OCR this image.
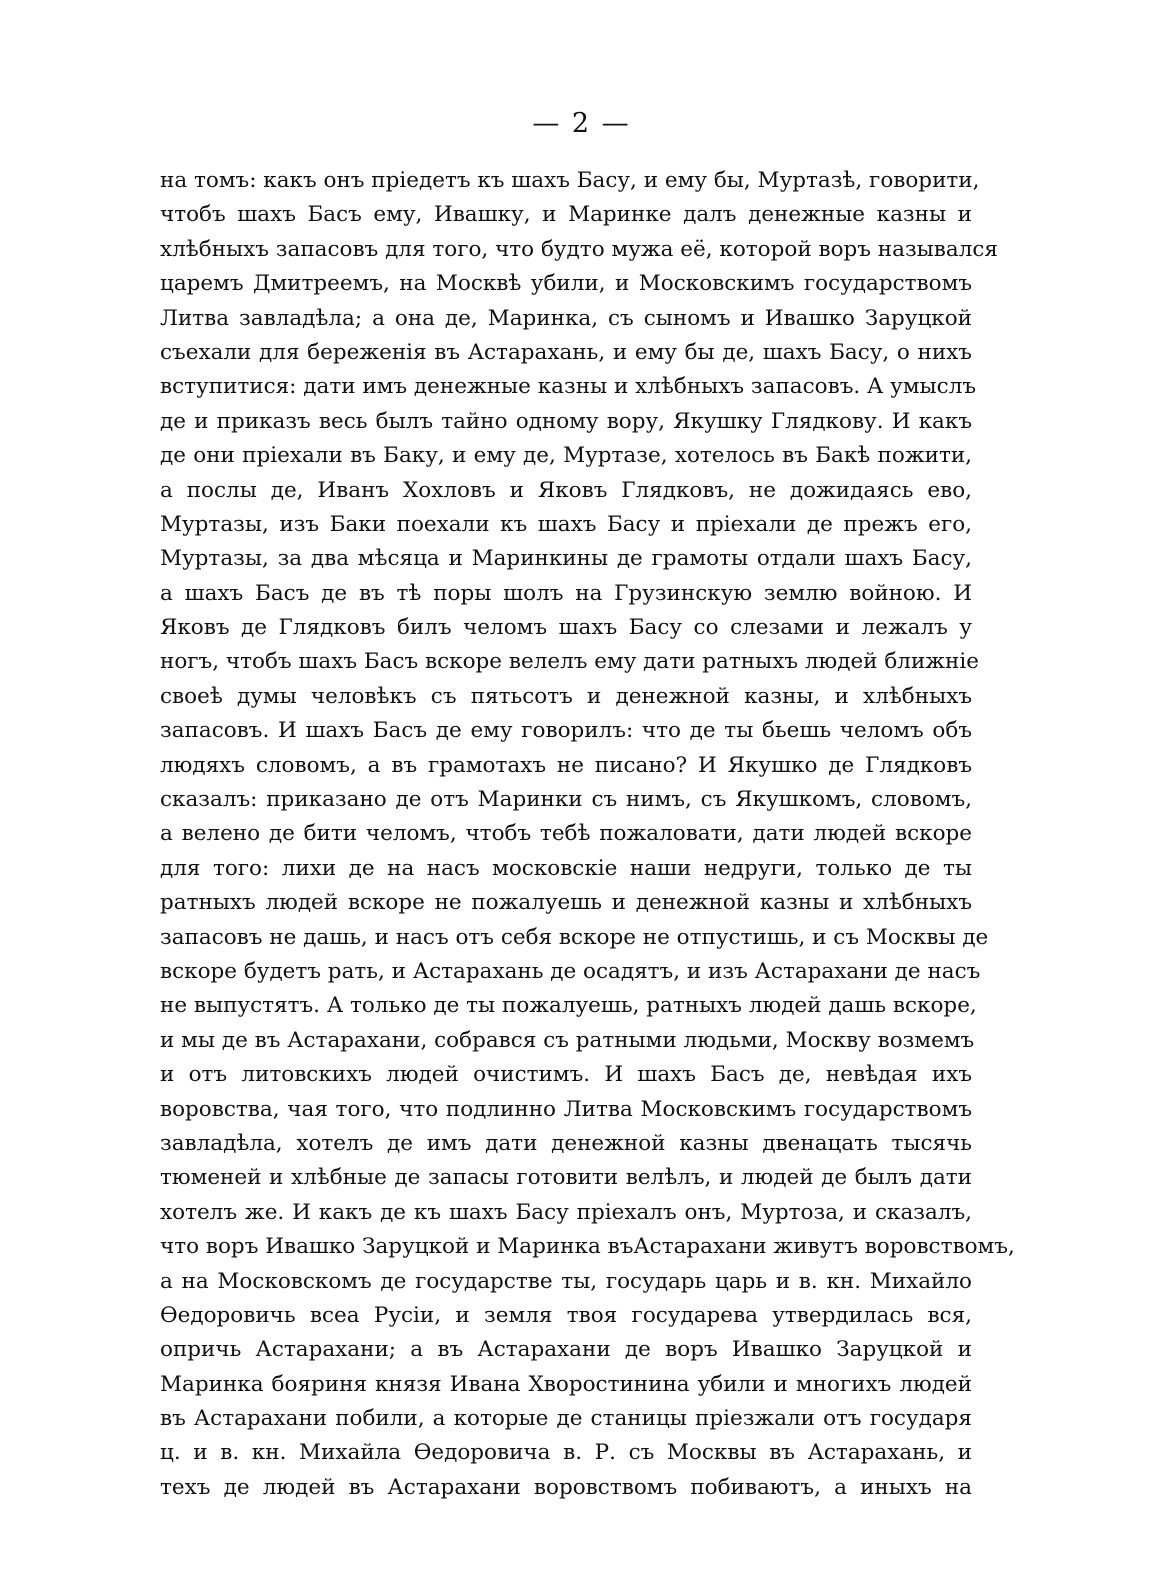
— 2 —
на томъ: какъ онъ пріедетъ къ шахъ Басу, и ему бы, Муртазѣ, говорити,
чтобъ шахъ Басъ ему, Ивашку, и Маринке далъ денежные казны и
хлѣбныхъ запасовъ для того, что будто мужа её, которой воръ назывался
царемъ Дмитреемъ, на Москвѣ убили, и Московскимъ государствомъ
Литва завладѣла; а она де, Маринка, съ сыномъ и Ивашко Заруцкой
съехали для береженія въ Астарахань, и ему бы де, шахъ Басу, о нихъ
вступитися: дати имъ денежные казны и хлѣбныхъ запасовъ. А умыслъ
де и приказъ весь былъ тайно одному вору, Якушку Глядкову. И какъ
де они пріехали въ Баку, и ему де, Муртазе, хотелось въ Бакѣ пожити,
а послы де, Иванъ Хохловъ и Яковъ Глядковъ, не дожидаясь ево,
Муртазы, изъ Баки поехали къ шахъ Басу и пріехали де прежъ его,
Муртазы, за два мѣсяца и Маринкины де грамоты отдали шахъ Басу,
а шахъ Басъ де въ тѣ поры шолъ на Грузинскую землю войною. И
Яковъ де Глядковъ билъ челомъ шахъ Басу со слезами и лежалъ у
ногъ, чтобъ шахъ Басъ вскоре велелъ ему дати ратныхъ людей ближніе
своеѣ думы человѣкъ съ пятьсотъ и денежной казны, и хлѣбныхъ
запасовъ. И шахъ Басъ де ему говорилъ: что де ты бьешь челомъ объ
людяхъ словомъ, а въ грамотахъ не писано? И Якушко де Глядковъ
сказалъ: приказано де отъ Маринки съ нимъ, съ Якушкомъ, словомъ,
а велено де бити челомъ, чтобъ тебѣ пожаловати, дати людей вскоре
для того: лихи де на насъ московскіе наши недруги, только де ты
ратныхъ людей вскоре не пожалуешь и денежной казны и хлѣбныхъ
запасовъ не дашь, и насъ отъ себя вскоре не отпустишь, и съ Москвы де
вскоре будетъ рать, и Астарахань де осадятъ, и изъ Астарахани де насъ
не выпустятъ. А только де ты пожалуешь, ратныхъ людей дашь вскоре,
и мы де въ Астарахани, собрався съ ратными людьми, Москву возмемъ
и отъ литовскихъ людей очистимъ. И шахъ Басъ де, невѣдая ихъ
воровства, чая того, что подлинно Литва Московскимъ государствомъ
завладѣла, хотелъ де имъ дати денежной казны двенацать тысячь
тюменей и хлѣбные де запасы готовити велѣлъ, и людей де былъ дати
хотелъ же. И какъ де къ шахъ Басу пріехалъ онъ, Муртоза, и сказалъ,
что воръ Ивашко Заруцкой и Маринка въАстарахани живутъ воровствомъ,
а на Московскомъ де государстве ты, государь царь и в. кн. Михайло
Ѳедоровичь всеа Русіи, и земля твоя государева утвердилась вся,
опричь Астарахани; а въ Астарахани де воръ Ивашко Заруцкой и
Маринка бояриня князя Ивана Хворостинина убили и многихъ людей
въ Астарахани побили, а которые де станицы пріезжали отъ государя
ц. и в. кн. Михайла Ѳедоровича в. Р. съ Москвы въ Астарахань, и
техъ де людей въ Астарахани воровствомъ побиваютъ, а иныхъ на
